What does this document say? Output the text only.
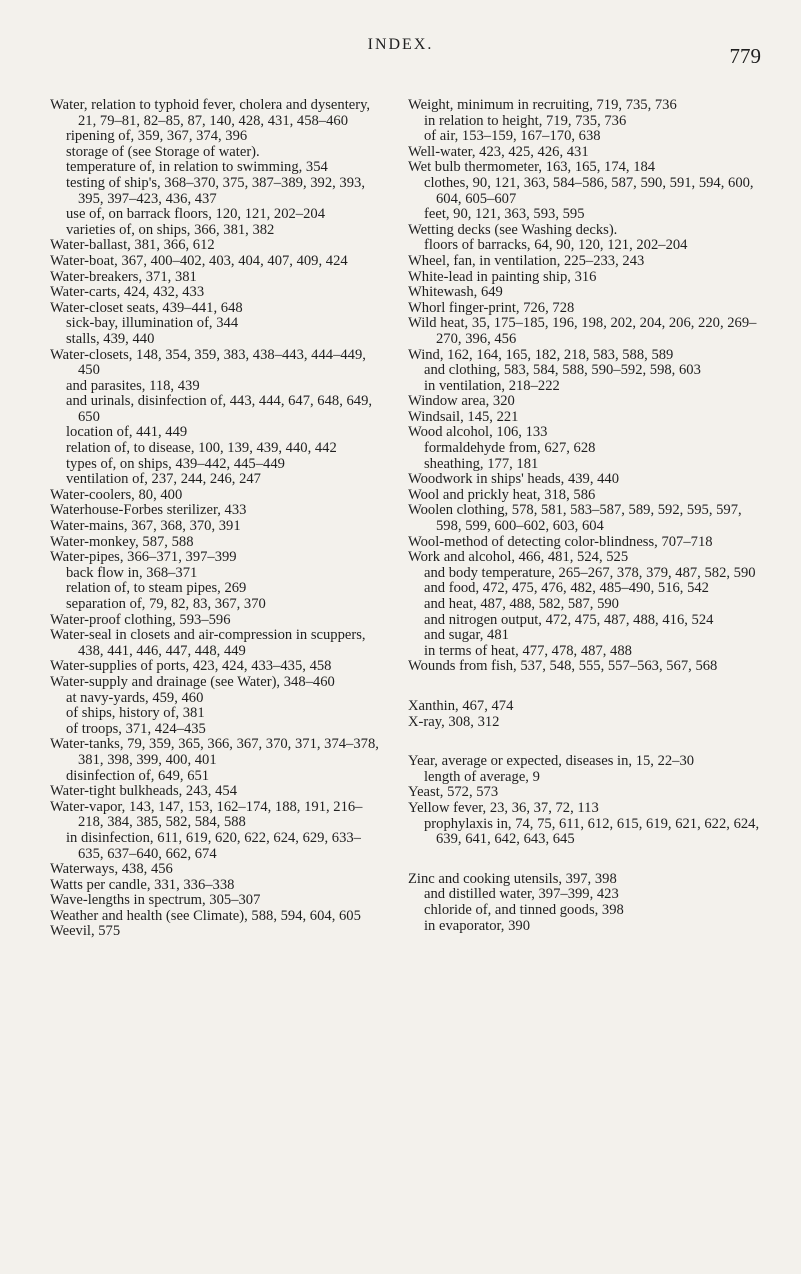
INDEX.	779

Water, relation to typhoid fever, cholera and dysentery, 21, 79–81, 82–85, 87, 140, 428, 431, 458–460

ripening of, 359, 367, 374, 396

storage of (see Storage of water).

temperature of, in relation to swimming, 354

testing of ship's, 368–370, 375, 387–389, 392, 393, 395, 397–423, 436, 437

use of, on barrack floors, 120, 121, 202–204

varieties of, on ships, 366, 381, 382

Water-ballast, 381, 366, 612

Water-boat, 367, 400–402, 403, 404, 407, 409, 424

Water-breakers, 371, 381

Water-carts, 424, 432, 433

Water-closet seats, 439–441, 648

sick-bay, illumination of, 344

stalls, 439, 440

Water-closets, 148, 354, 359, 383, 438–443, 444–449, 450

and parasites, 118, 439

and urinals, disinfection of, 443, 444, 647, 648, 649, 650

location of, 441, 449

relation of, to disease, 100, 139, 439, 440, 442

types of, on ships, 439–442, 445–449

ventilation of, 237, 244, 246, 247

Water-coolers, 80, 400

Waterhouse-Forbes sterilizer, 433

Water-mains, 367, 368, 370, 391

Water-monkey, 587, 588

Water-pipes, 366–371, 397–399

back flow in, 368–371

relation of, to steam pipes, 269

separation of, 79, 82, 83, 367, 370

Water-proof clothing, 593–596

Water-seal in closets and air-compression in scuppers, 438, 441, 446, 447, 448, 449

Water-supplies of ports, 423, 424, 433–435, 458

Water-supply and drainage (see Water), 348–460

at navy-yards, 459, 460

of ships, history of, 381

of troops, 371, 424–435

Water-tanks, 79, 359, 365, 366, 367, 370, 371, 374–378, 381, 398, 399, 400, 401

disinfection of, 649, 651

Water-tight bulkheads, 243, 454

Water-vapor, 143, 147, 153, 162–174, 188, 191, 216–218, 384, 385, 582, 584, 588

in disinfection, 611, 619, 620, 622, 624, 629, 633–635, 637–640, 662, 674

Waterways, 438, 456

Watts per candle, 331, 336–338

Wave-lengths in spectrum, 305–307

Weather and health (see Climate), 588, 594, 604, 605

Weevil, 575

Weight, minimum in recruiting, 719, 735, 736

in relation to height, 719, 735, 736

of air, 153–159, 167–170, 638

Well-water, 423, 425, 426, 431

Wet bulb thermometer, 163, 165, 174, 184

clothes, 90, 121, 363, 584–586, 587, 590, 591, 594, 600, 604, 605–607

feet, 90, 121, 363, 593, 595

Wetting decks (see Washing decks).

floors of barracks, 64, 90, 120, 121, 202–204

Wheel, fan, in ventilation, 225–233, 243

White-lead in painting ship, 316

Whitewash, 649

Whorl finger-print, 726, 728

Wild heat, 35, 175–185, 196, 198, 202, 204, 206, 220, 269–270, 396, 456

Wind, 162, 164, 165, 182, 218, 583, 588, 589

and clothing, 583, 584, 588, 590–592, 598, 603

in ventilation, 218–222

Window area, 320

Windsail, 145, 221

Wood alcohol, 106, 133

formaldehyde from, 627, 628

sheathing, 177, 181

Woodwork in ships' heads, 439, 440

Wool and prickly heat, 318, 586

Woolen clothing, 578, 581, 583–587, 589, 592, 595, 597, 598, 599, 600–602, 603, 604

Wool-method of detecting color-blindness, 707–718

Work and alcohol, 466, 481, 524, 525

and body temperature, 265–267, 378, 379, 487, 582, 590

and food, 472, 475, 476, 482, 485–490, 516, 542

and heat, 487, 488, 582, 587, 590

and nitrogen output, 472, 475, 487, 488, 416, 524

and sugar, 481

in terms of heat, 477, 478, 487, 488

Wounds from fish, 537, 548, 555, 557–563, 567, 568

Xanthin, 467, 474

X-ray, 308, 312

Year, average or expected, diseases in, 15, 22–30

length of average, 9

Yeast, 572, 573

Yellow fever, 23, 36, 37, 72, 113

prophylaxis in, 74, 75, 611, 612, 615, 619, 621, 622, 624, 639, 641, 642, 643, 645

Zinc and cooking utensils, 397, 398

and distilled water, 397–399, 423

chloride of, and tinned goods, 398

in evaporator, 390
